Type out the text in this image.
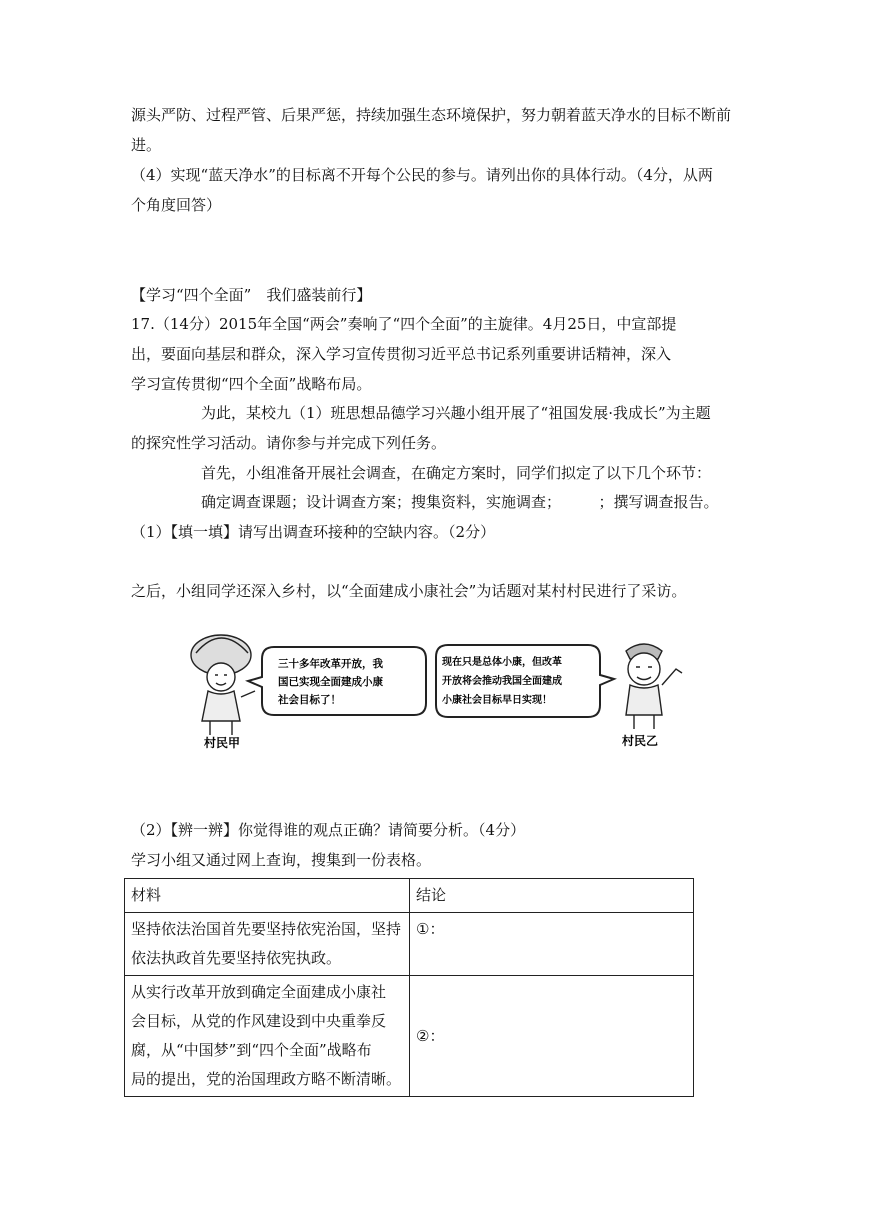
源头严防、过程严管、后果严惩，持续加强生态环境保护，努力朝着蓝天净水的目标不断前
进。
（4）实现“蓝天净水”的目标离不开每个公民的参与。请列出你的具体行动。（4分，从两
个角度回答）
【学习“四个全面”　我们盛装前行】
17.（14分）2015年全国“两会”奏响了“四个全面”的主旋律。4月25日，中宣部提
出，要面向基层和群众，深入学习宣传贯彻习近平总书记系列重要讲话精神，深入
学习宣传贯彻“四个全面”战略布局。
为此，某校九（1）班思想品德学习兴趣小组开展了“祖国发展·我成长”为主题
的探究性学习活动。请你参与并完成下列任务。
首先，小组准备开展社会调查，在确定方案时，同学们拟定了以下几个环节：
确定调查课题；设计调查方案；搜集资料，实施调查；　　　；撰写调查报告。
（1）【填一填】请写出调查环接种的空缺内容。（2分）
之后，小组同学还深入乡村，以“全面建成小康社会”为话题对某村村民进行了采访。
三十多年改革开放，我
国已实现全面建成小康
社会目标了！
现在只是总体小康，但改革
开放将会推动我国全面建成
小康社会目标早日实现！
村民甲	村民乙
（2）【辨一辨】你觉得谁的观点正确？请简要分析。（4分）
学习小组又通过网上查询，搜集到一份表格。
材料	结论

坚持依法治国首先要坚持依宪治国，坚持
依法执政首先要坚持依宪执政。	①：

从实行改革开放到确定全面建成小康社
会目标，从党的作风建设到中央重拳反
腐，从“中国梦”到“四个全面”战略布
局的提出，党的治国理政方略不断清晰。	②：
